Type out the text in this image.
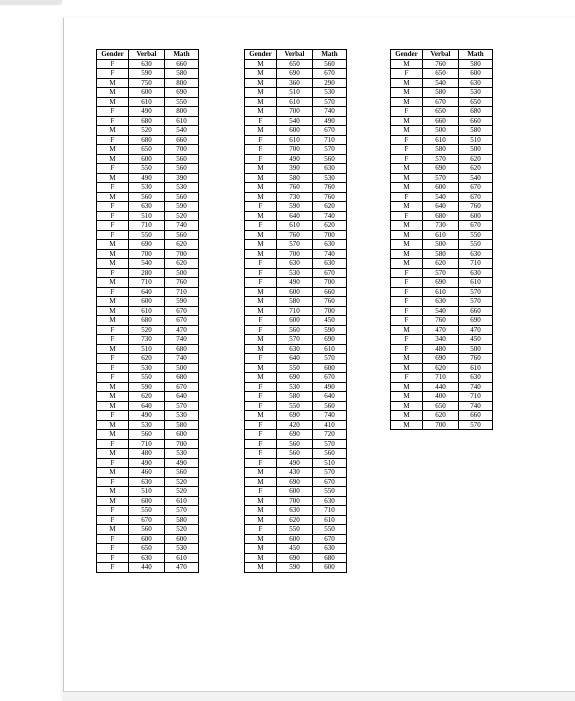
Gender	Verbal	Math
F	630	660
F	590	580
M	750	800
M	600	690
M	610	550
F	490	800
F	680	610
M	520	540
F	680	660
M	650	700
M	600	560
F	550	560
M	490	390
F	530	530
M	560	560
F	630	590
F	510	520
F	710	740
F	550	560
M	690	620
M	700	700
M	540	620
F	280	500
M	710	760
F	640	710
M	600	590
M	610	670
M	680	670
F	520	470
F	730	740
M	510	680
F	620	740
F	530	500
F	550	680
M	590	670
M	620	640
M	640	570
F	490	530
M	530	580
M	560	600
F	710	700
M	480	530
F	490	490
M	460	560
F	630	520
M	510	520
M	600	610
F	550	570
F	670	580
M	560	520
F	600	600
F	650	530
F	630	610
F	440	470
Gender	Verbal	Math
M	650	560
M	690	670
M	360	290
M	510	530
M	610	570
M	700	740
F	540	490
M	600	670
F	610	710
F	700	570
F	490	560
M	390	630
M	580	530
M	760	760
M	730	760
F	590	620
M	640	740
F	610	620
M	760	700
M	570	630
M	700	740
F	630	630
F	530	670
F	490	700
M	600	660
M	580	760
M	710	700
F	600	450
F	560	590
M	570	690
M	630	610
F	640	570
M	550	600
M	690	670
F	530	490
F	580	640
F	550	560
M	690	740
F	420	410
F	690	720
F	560	570
F	560	560
F	490	510
M	430	570
M	690	670
F	600	550
M	700	630
M	630	710
M	620	610
F	550	550
M	600	670
M	450	630
M	690	680
M	590	600
Gender	Verbal	Math
M	760	580
F	650	600
M	540	630
M	580	530
M	670	650
F	650	680
M	660	660
M	500	580
F	610	510
F	580	500
F	570	620
M	690	620
M	570	540
M	600	670
F	540	670
M	640	760
F	680	600
M	730	670
M	610	550
M	500	550
M	580	630
M	620	710
F	570	630
F	690	610
F	610	570
F	630	570
F	540	660
F	760	690
M	470	470
F	340	450
F	480	500
M	690	760
M	620	610
F	710	630
M	440	740
M	400	710
M	650	740
M	620	660
M	700	570
